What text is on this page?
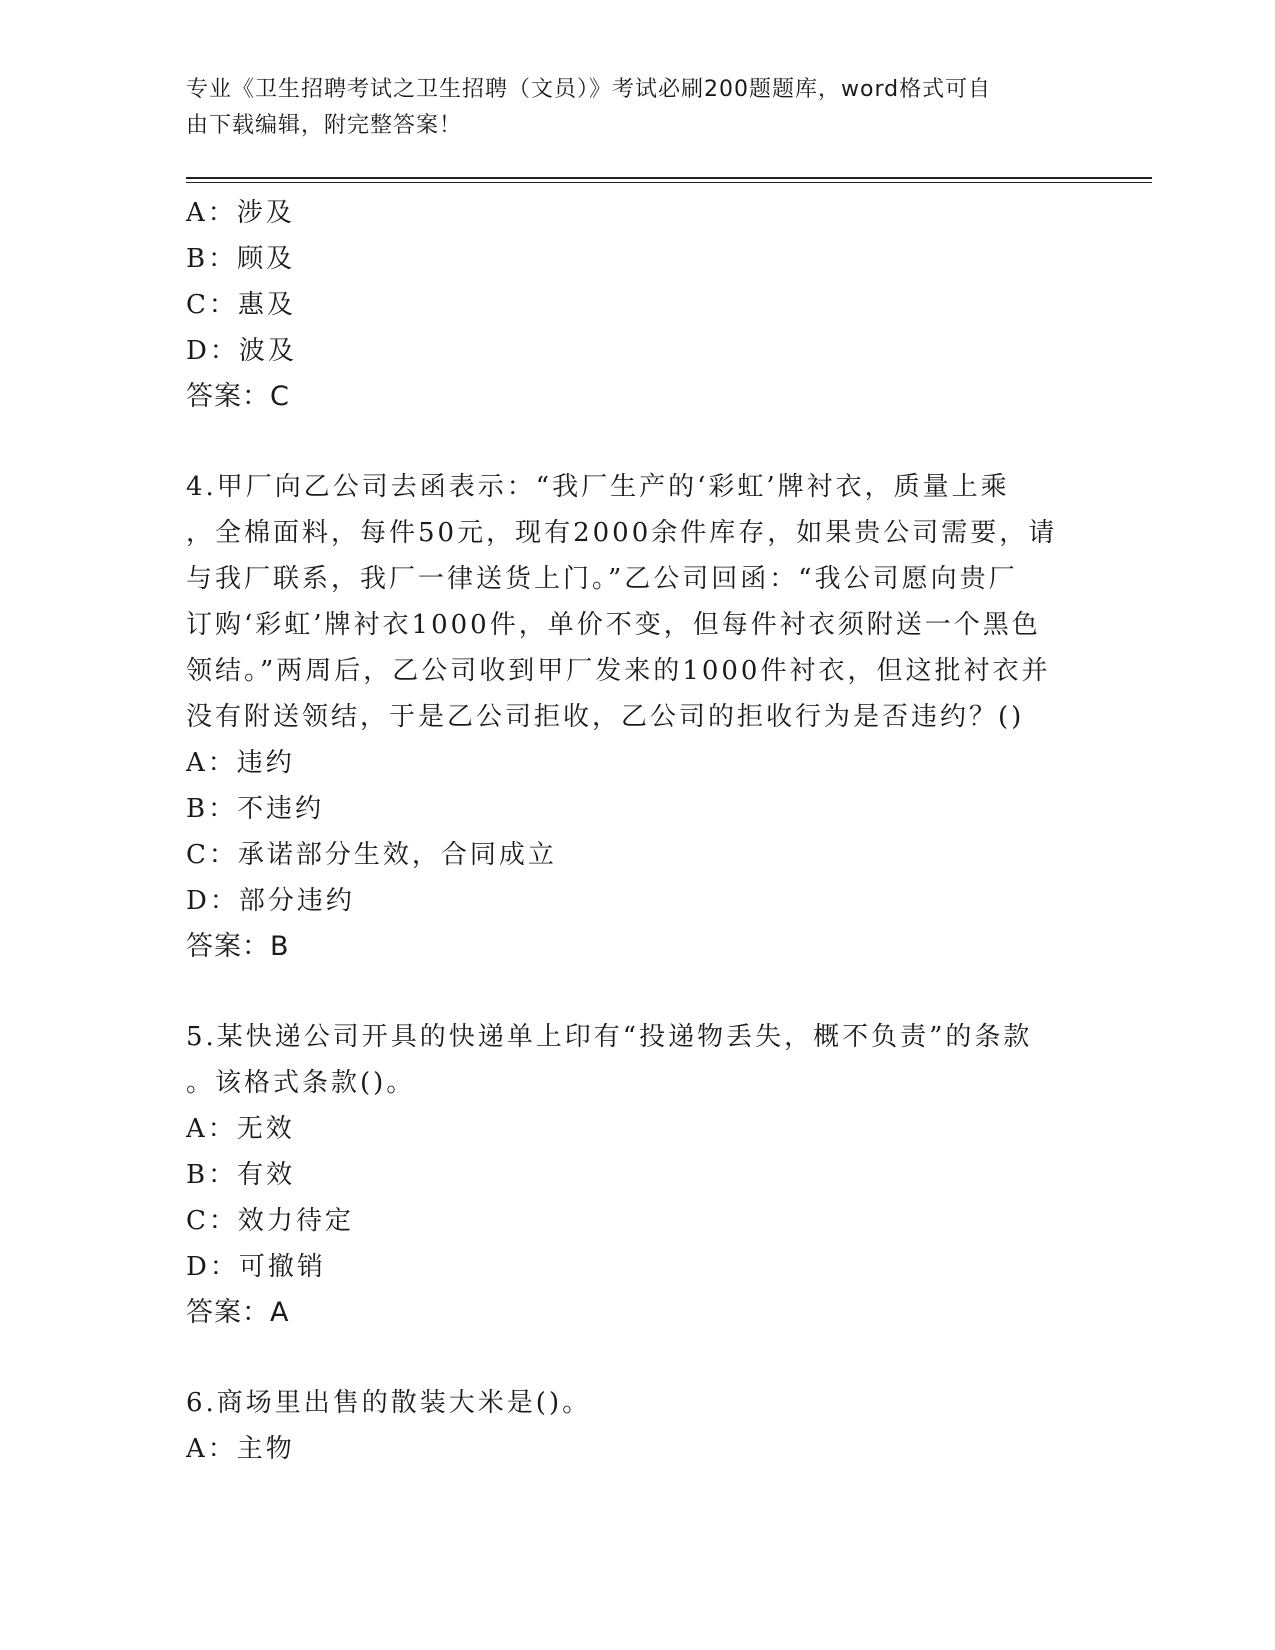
专业《卫生招聘考试之卫生招聘（文员）》考试必刷200题题库，word格式可自
由下载编辑，附完整答案！
A：涉及
B：顾及
C：惠及
D：波及
答案：C
4.甲厂向乙公司去函表示：“我厂生产的‘彩虹’牌衬衣，质量上乘
，全棉面料，每件50元，现有2000余件库存，如果贵公司需要，请
与我厂联系，我厂一律送货上门。”乙公司回函：“我公司愿向贵厂
订购‘彩虹’牌衬衣1000件，单价不变，但每件衬衣须附送一个黑色
领结。”两周后，乙公司收到甲厂发来的1000件衬衣，但这批衬衣并
没有附送领结，于是乙公司拒收，乙公司的拒收行为是否违约？()
A：违约
B：不违约
C：承诺部分生效，合同成立
D：部分违约
答案：B
5.某快递公司开具的快递单上印有“投递物丢失，概不负责”的条款
。该格式条款()。
A：无效
B：有效
C：效力待定
D：可撤销
答案：A
6.商场里出售的散装大米是()。
A：主物
